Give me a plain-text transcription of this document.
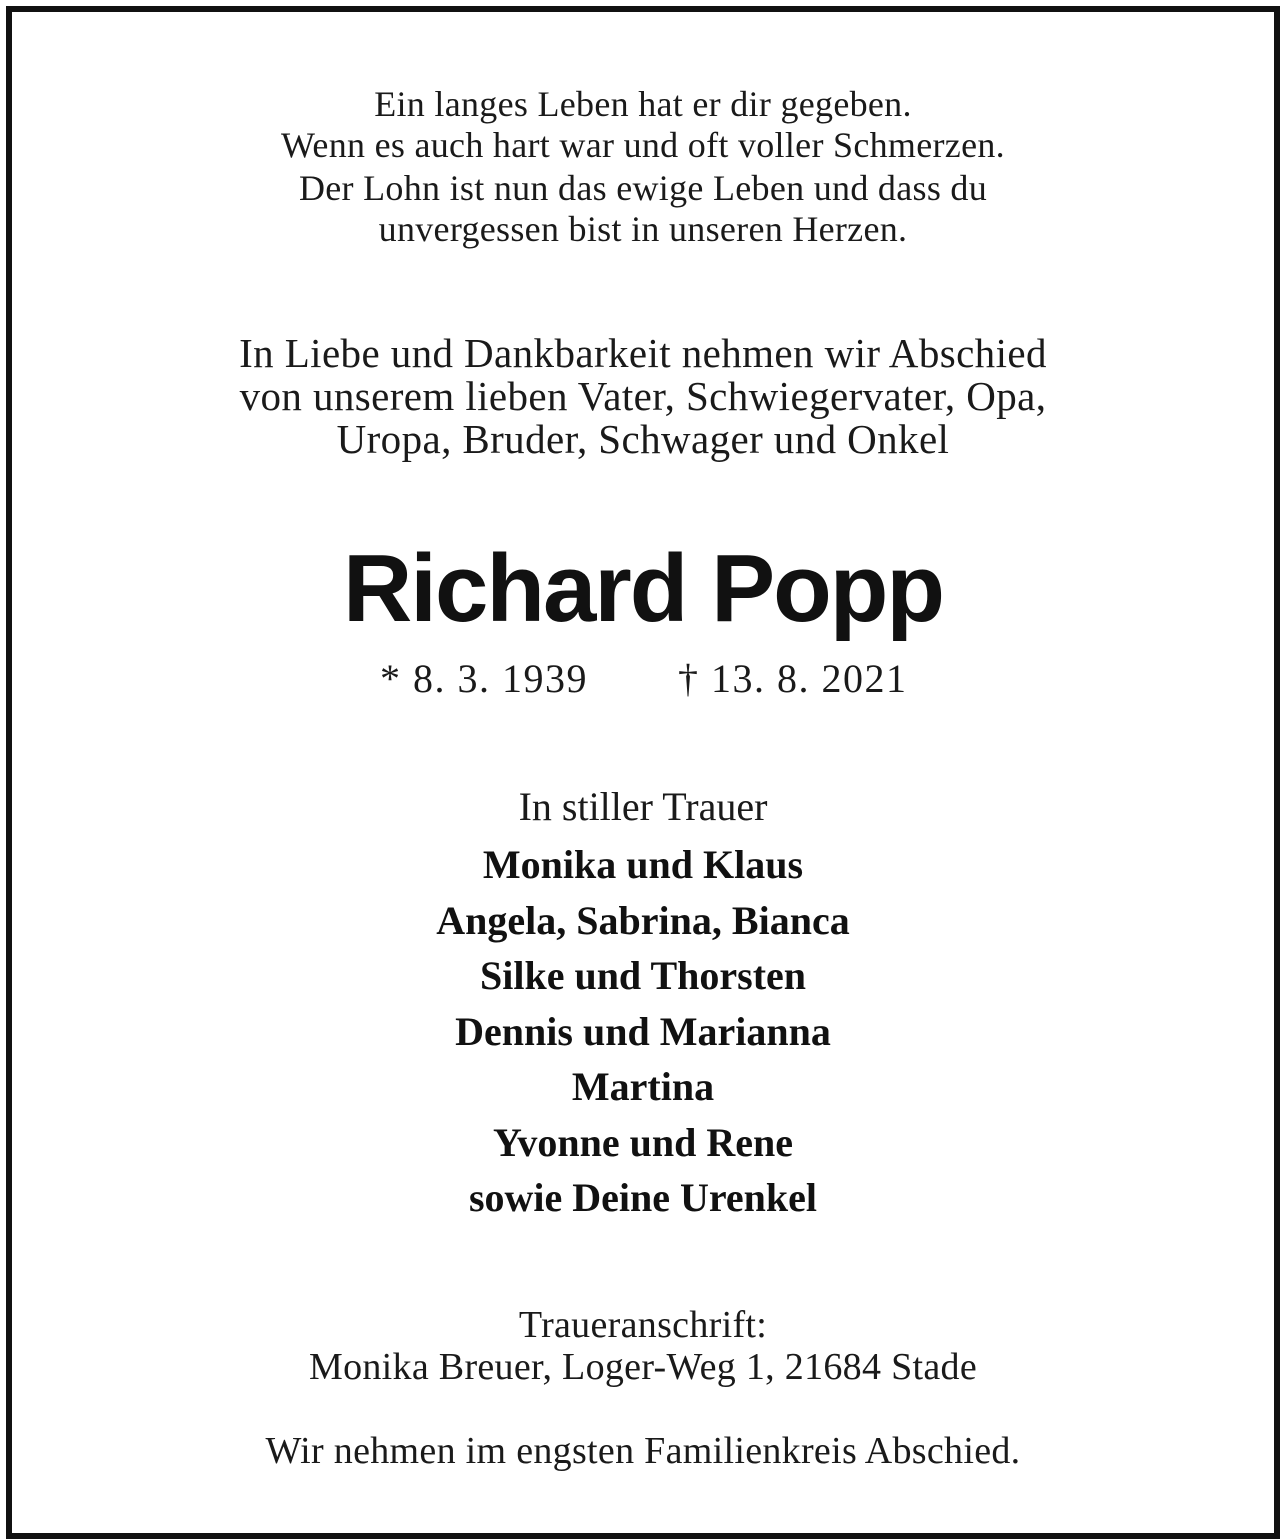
Ein langes Leben hat er dir gegeben.
Wenn es auch hart war und oft voller Schmerzen.
Der Lohn ist nun das ewige Leben und dass du
unvergessen bist in unseren Herzen.
In Liebe und Dankbarkeit nehmen wir Abschied
von unserem lieben Vater, Schwiegervater, Opa,
Uropa, Bruder, Schwager und Onkel
Richard Popp
* 8. 3. 1939 † 13. 8. 2021
In stiller Trauer
Monika und Klaus
Angela, Sabrina, Bianca
Silke und Thorsten
Dennis und Marianna
Martina
Yvonne und Rene
sowie Deine Urenkel
Traueranschrift:
Monika Breuer, Loger-Weg 1, 21684 Stade
Wir nehmen im engsten Familienkreis Abschied.
